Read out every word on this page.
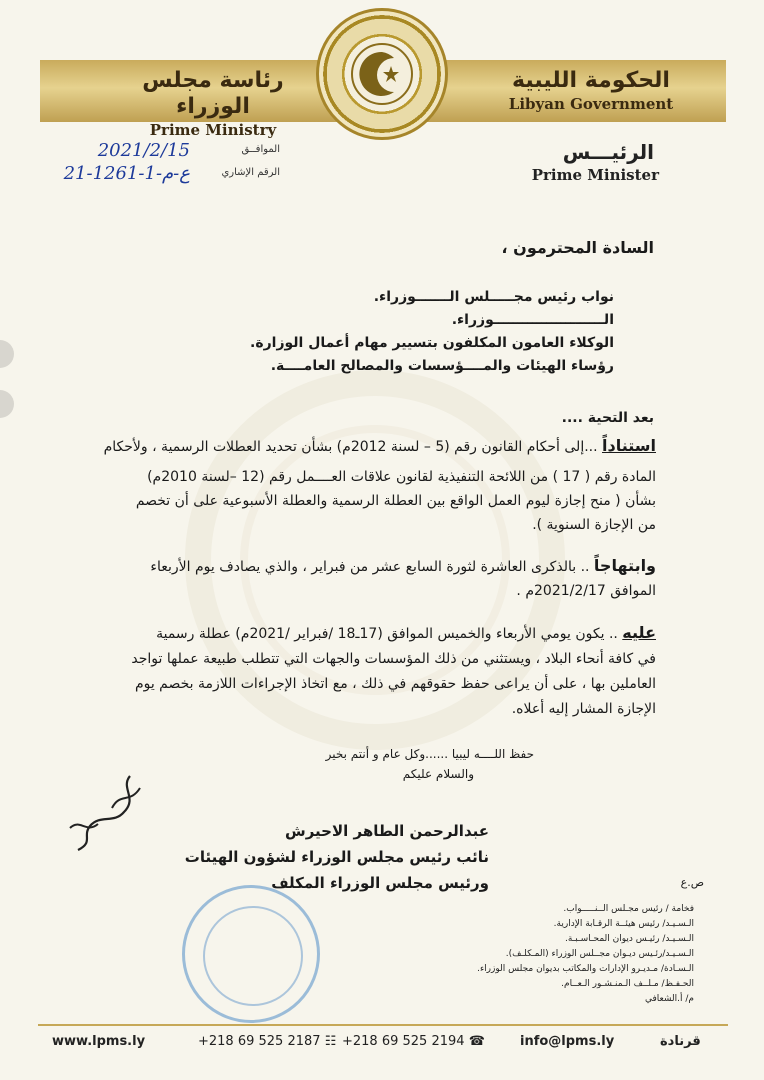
رئاسة مجلس الوزراء
Prime Ministry
الحكومة الليبية
Libyan Government
الرئيـــس
Prime Minister
الموافــق
2021/2/15
الرقم الإشاري
21-1261-1-ع-م
السادة المحترمون ،
نواب رئيس مجـــــلس الـــــــوزراء.
الـــــــــــــــــــــــوزراء.
الوكلاء العامون المكلفون بتسيير مهام أعمال الوزارة.
رؤساء الهيئات والمــــؤسسات والمصالح العامــــة.
بعد التحية ....
استناداً ...إلى أحكام القانون رقم (5 – لسنة 2012م) بشأن تحديد العطلات الرسمية ، ولأحكام
المادة رقم ( 17 ) من اللائحة التنفيذية لقانون علاقات العــــمل رقم (12 –لسنة 2010م)
بشأن ( منح إجازة ليوم العمل الواقع بين العطلة الرسمية والعطلة الأسبوعية على أن تخصم
من الإجازة السنوية ).
وابتهاجاً .. بالذكرى العاشرة لثورة السابع عشر من فبراير ، والذي يصادف يوم الأربعاء
الموافق 2021/2/17م .
عليه .. يكون يومي الأربعاء والخميس الموافق (17ـ18 /فبراير /2021م) عطلة رسمية
في كافة أنحاء البلاد ، ويستثني من ذلك المؤسسات والجهات التي تتطلب طبيعة عملها تواجد
العاملين بها ، على أن يراعى حفظ حقوقهم في ذلك ، مع اتخاذ الإجراءات اللازمة بخصم يوم
الإجازة المشار إليه أعلاه.
حفظ اللــــه ليبيا ......وكل عام و أنتم بخير
والسلام عليكم
عبدالرحمن الطاهر الاحيرش
نائب رئيس مجلس الوزراء لشؤون الهيئات
ورئيس مجلس الوزراء المكلف	ص.ع
فخامة / رئيس مجـلس الــنـــــواب.
الـسـيـد/ رئيس هيئــة الرقـابة الإدارية.
الـسـيـد/ رئيـس ديوان المحـاسـبـة.
الـسـيـد/رئـيس ديـوان مجــلس الوزراء (المـكلـف).
الـسـادة/ مـديـرو الإدارات والمكاتب بديوان مجلس الوزراء.
الحـفـظ/ مـلــف الـمنـشـور الـعــام.
م/ أ.الشعافي
www.lpms.ly	+218 69 525 2187 ☷ +218 69 525 2194 ☎	info@lpms.ly	قرنادة
